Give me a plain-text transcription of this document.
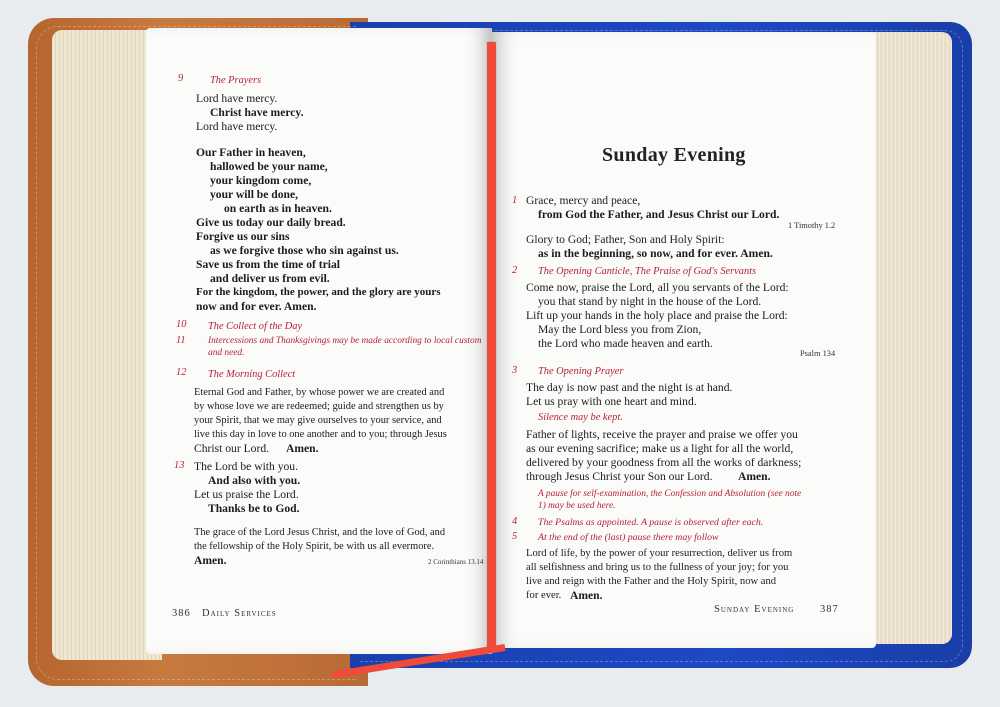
9	The Prayers
Lord have mercy.
Christ have mercy.
Lord have mercy.
Our Father in heaven,
hallowed be your name,
your kingdom come,
your will be done,
on earth as in heaven.
Give us today our daily bread.
Forgive us our sins
as we forgive those who sin against us.
Save us from the time of trial
and deliver us from evil.
For the kingdom, the power, and the glory are yours
now and for ever. Amen.
10 The Collect of the Day
11 Intercessions and Thanksgivings may be made according to local custom
and need.
12 The Morning Collect
Eternal God and Father, by whose power we are created and
by whose love we are redeemed; guide and strengthen us by
your Spirit, that we may give ourselves to your service, and
live this day in love to one another and to you; through Jesus
Christ our Lord. Amen.
13 The Lord be with you.
And also with you.
Let us praise the Lord.
Thanks be to God.
The grace of the Lord Jesus Christ, and the love of God, and
the fellowship of the Holy Spirit, be with us all evermore.
Amen.	2 Corinthians 13.14
386 Daily Services
Sunday Evening
1 Grace, mercy and peace,
from God the Father, and Jesus Christ our Lord.
1 Timothy 1.2
Glory to God; Father, Son and Holy Spirit:
as in the beginning, so now, and for ever. Amen.
2 The Opening Canticle, The Praise of God's Servants
Come now, praise the Lord, all you servants of the Lord:
you that stand by night in the house of the Lord.
Lift up your hands in the holy place and praise the Lord:
May the Lord bless you from Zion,
the Lord who made heaven and earth.
Psalm 134
3 The Opening Prayer
The day is now past and the night is at hand.
Let us pray with one heart and mind.
Silence may be kept.
Father of lights, receive the prayer and praise we offer you
as our evening sacrifice; make us a light for all the world,
delivered by your goodness from all the works of darkness;
through Jesus Christ your Son our Lord. Amen.
A pause for self-examination, the Confession and Absolution (see note
1) may be used here.
4 The Psalms as appointed. A pause is observed after each.
5 At the end of the (last) pause there may follow
Lord of life, by the power of your resurrection, deliver us from
all selfishness and bring us to the fullness of your joy; for you
live and reign with the Father and the Holy Spirit, now and
for ever. Amen.
Sunday Evening 387
